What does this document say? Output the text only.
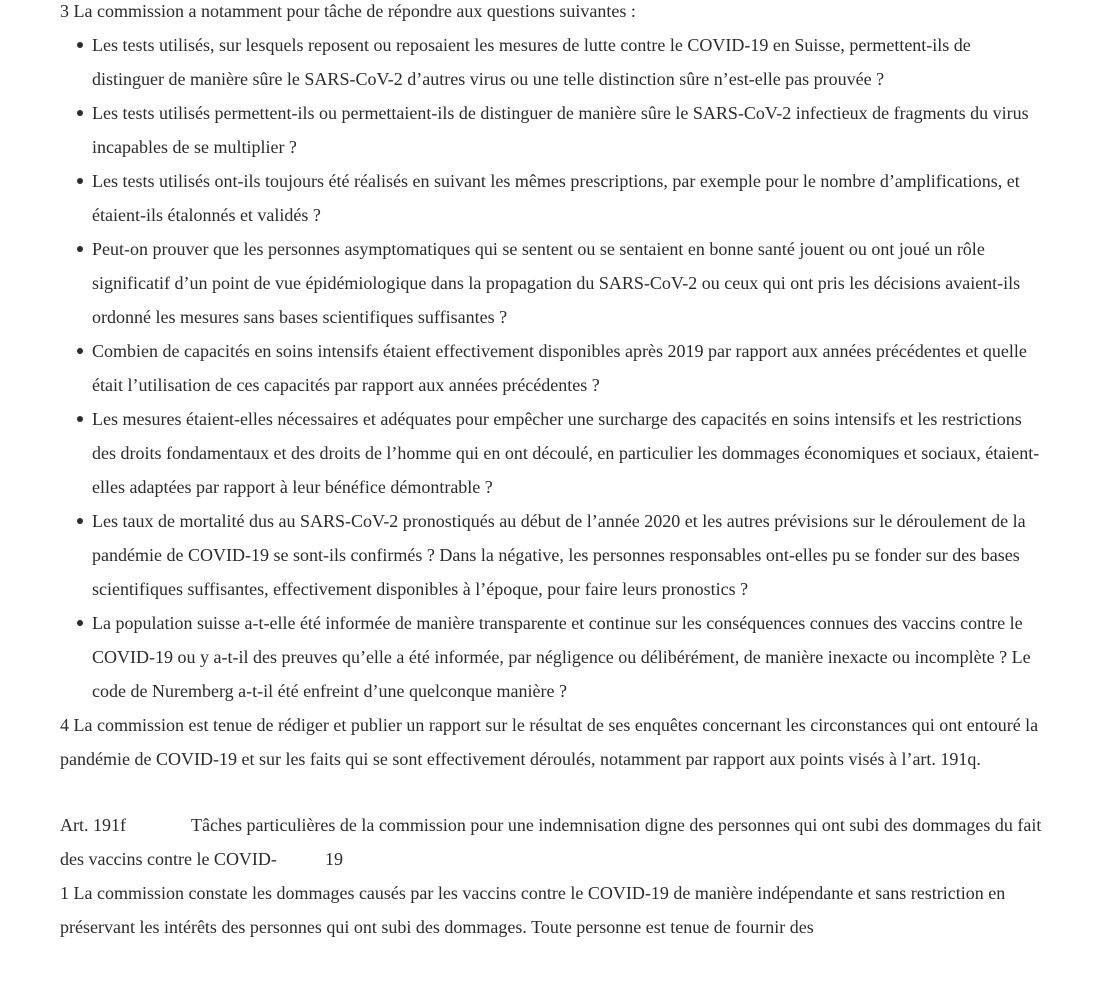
3 La commission a notamment pour tâche de répondre aux questions suivantes :

Les tests utilisés, sur lesquels reposent ou reposaient les mesures de lutte contre le COVID-19 en Suisse, permettent-ils de distinguer de manière sûre le SARS-CoV-2 d’autres virus ou une telle distinction sûre n’est-elle pas prouvée ?
Les tests utilisés permettent-ils ou permettaient-ils de distinguer de manière sûre le SARS-CoV-2 infectieux de fragments du virus incapables de se multiplier ?
Les tests utilisés ont-ils toujours été réalisés en suivant les mêmes prescriptions, par exemple pour le nombre d’amplifications, et étaient-ils étalonnés et validés ?
Peut-on prouver que les personnes asymptomatiques qui se sentent ou se sentaient en bonne santé jouent ou ont joué un rôle significatif d’un point de vue épidémiologique dans la propagation du SARS-CoV-2 ou ceux qui ont pris les décisions avaient-ils ordonné les mesures sans bases scientifiques suffisantes ?
Combien de capacités en soins intensifs étaient effectivement disponibles après 2019 par rapport aux années précédentes et quelle était l’utilisation de ces capacités par rapport aux années précédentes ?
Les mesures étaient-elles nécessaires et adéquates pour empêcher une surcharge des capacités en soins intensifs et les restrictions des droits fondamentaux et des droits de l’homme qui en ont découlé, en particulier les dommages économiques et sociaux, étaient-elles adaptées par rapport à leur bénéfice démontrable ?
Les taux de mortalité dus au SARS-CoV-2 pronostiqués au début de l’année 2020 et les autres prévisions sur le déroulement de la pandémie de COVID-19 se sont-ils confirmés ? Dans la négative, les personnes responsables ont-elles pu se fonder sur des bases scientifiques suffisantes, effectivement disponibles à l’époque, pour faire leurs pronostics ?
La population suisse a-t-elle été informée de manière transparente et continue sur les conséquences connues des vaccins contre le COVID-19 ou y a-t-il des preuves qu’elle a été informée, par négligence ou délibérément, de manière inexacte ou incomplète ? Le code de Nuremberg a-t-il été enfreint d’une quelconque manière ?

4 La commission est tenue de rédiger et publier un rapport sur le résultat de ses enquêtes concernant les circonstances qui ont entouré la pandémie de COVID-19 et sur les faits qui se sont effectivement déroulés, notamment par rapport aux points visés à l’art. 191q.

Art. 191f	Tâches particulières de la commission pour une indemnisation digne des personnes qui ont subi des dommages du fait des vaccins contre le COVID-	19

1 La commission constate les dommages causés par les vaccins contre le COVID-19 de manière indépendante et sans restriction en préservant les intérêts des personnes qui ont subi des dommages. Toute personne est tenue de fournir des
